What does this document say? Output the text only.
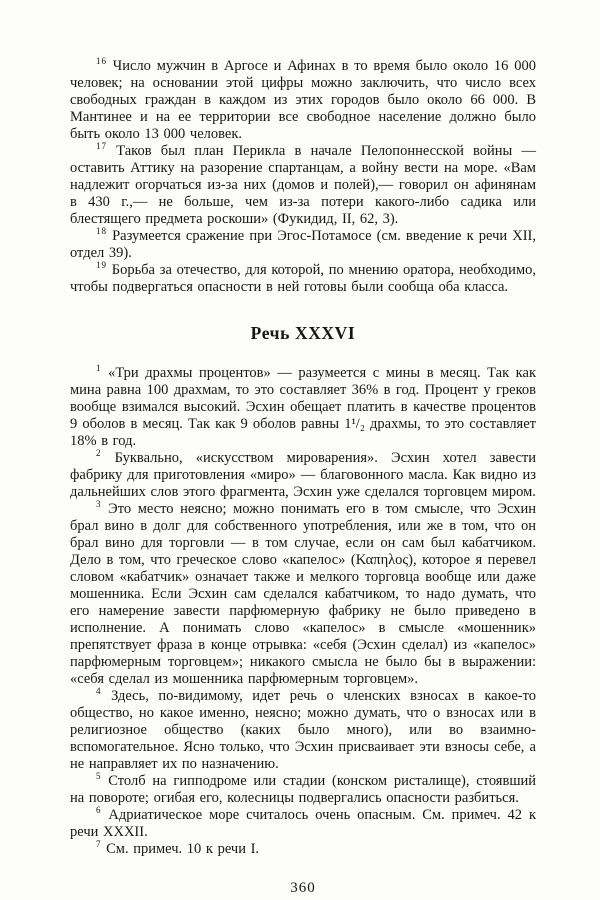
$^{16}$ Число мужчин в Аргосе и Афинах в то время было около 16 000 человек; на основании этой цифры можно заключить, что число всех свободных граждан в каждом из этих городов было около 66 000. В Мантинее и на ее территории все свободное население должно было быть около 13 000 человек.

$^{17}$ Таков был план Перикла в начале Пелопоннесской войны — оставить Аттику на разорение спартанцам, а войну вести на море. «Вам надлежит огорчаться из-за них (домов и полей),— говорил он афинянам в 430 г.,— не больше, чем из-за потери какого-либо садика или блестящего предмета роскоши» (Фукидид, II, 62, 3).

$^{18}$ Разумеется сражение при Эгос-Потамосе (см. введение к речи XII, отдел 39).

$^{19}$ Борьба за отечество, для которой, по мнению оратора, необходимо, чтобы подвергаться опасности в ней готовы были сообща оба класса.

Речь XXXVI

$^1$ «Три драхмы процентов» — разумеется с мины в месяц. Так как мина равна 100 драхмам, то это составляет 36% в год. Процент у греков вообще взимался высокий. Эсхин обещает платить в качестве процентов 9 оболов в месяц. Так как 9 оболов равны 1¹/₂ драхмы, то это составляет 18% в год.

$^2$ Буквально, «искусством мироварения». Эсхин хотел завести фабрику для приготовления «миро» — благовонного масла. Как видно из дальнейших слов этого фрагмента, Эсхин уже сделался торговцем миром.

$^3$ Это место неясно; можно понимать его в том смысле, что Эсхин брал вино в долг для собственного употребления, или же в том, что он брал вино для торговли — в том случае, если он сам был кабатчиком. Дело в том, что греческое слово «капелос» (Καπηλος), которое я перевел словом «кабатчик» означает также и мелкого торговца вообще или даже мошенника. Если Эсхин сам сделался кабатчиком, то надо думать, что его намерение завести парфюмерную фабрику не было приведено в исполнение. А понимать слово «капелос» в смысле «мошенник» препятствует фраза в конце отрывка: «себя (Эсхин сделал) из «капелос» парфюмерным торговцем»; никакого смысла не было бы в выражении: «себя сделал из мошенника парфюмерным торговцем».

$^4$ Здесь, по-видимому, идет речь о членских взносах в какое-то общество, но какое именно, неясно; можно думать, что о взносах или в религиозное общество (каких было много), или во взаимно-вспомогательное. Ясно только, что Эсхин присваивает эти взносы себе, а не направляет их по назначению.

$^5$ Столб на гипподроме или стадии (конском ристалище), стоявший на повороте; огибая его, колесницы подвергались опасности разбиться.

$^6$ Адриатическое море считалось очень опасным. См. примеч. 42 к речи XXXII.

$^7$ См. примеч. 10 к речи I.

360
